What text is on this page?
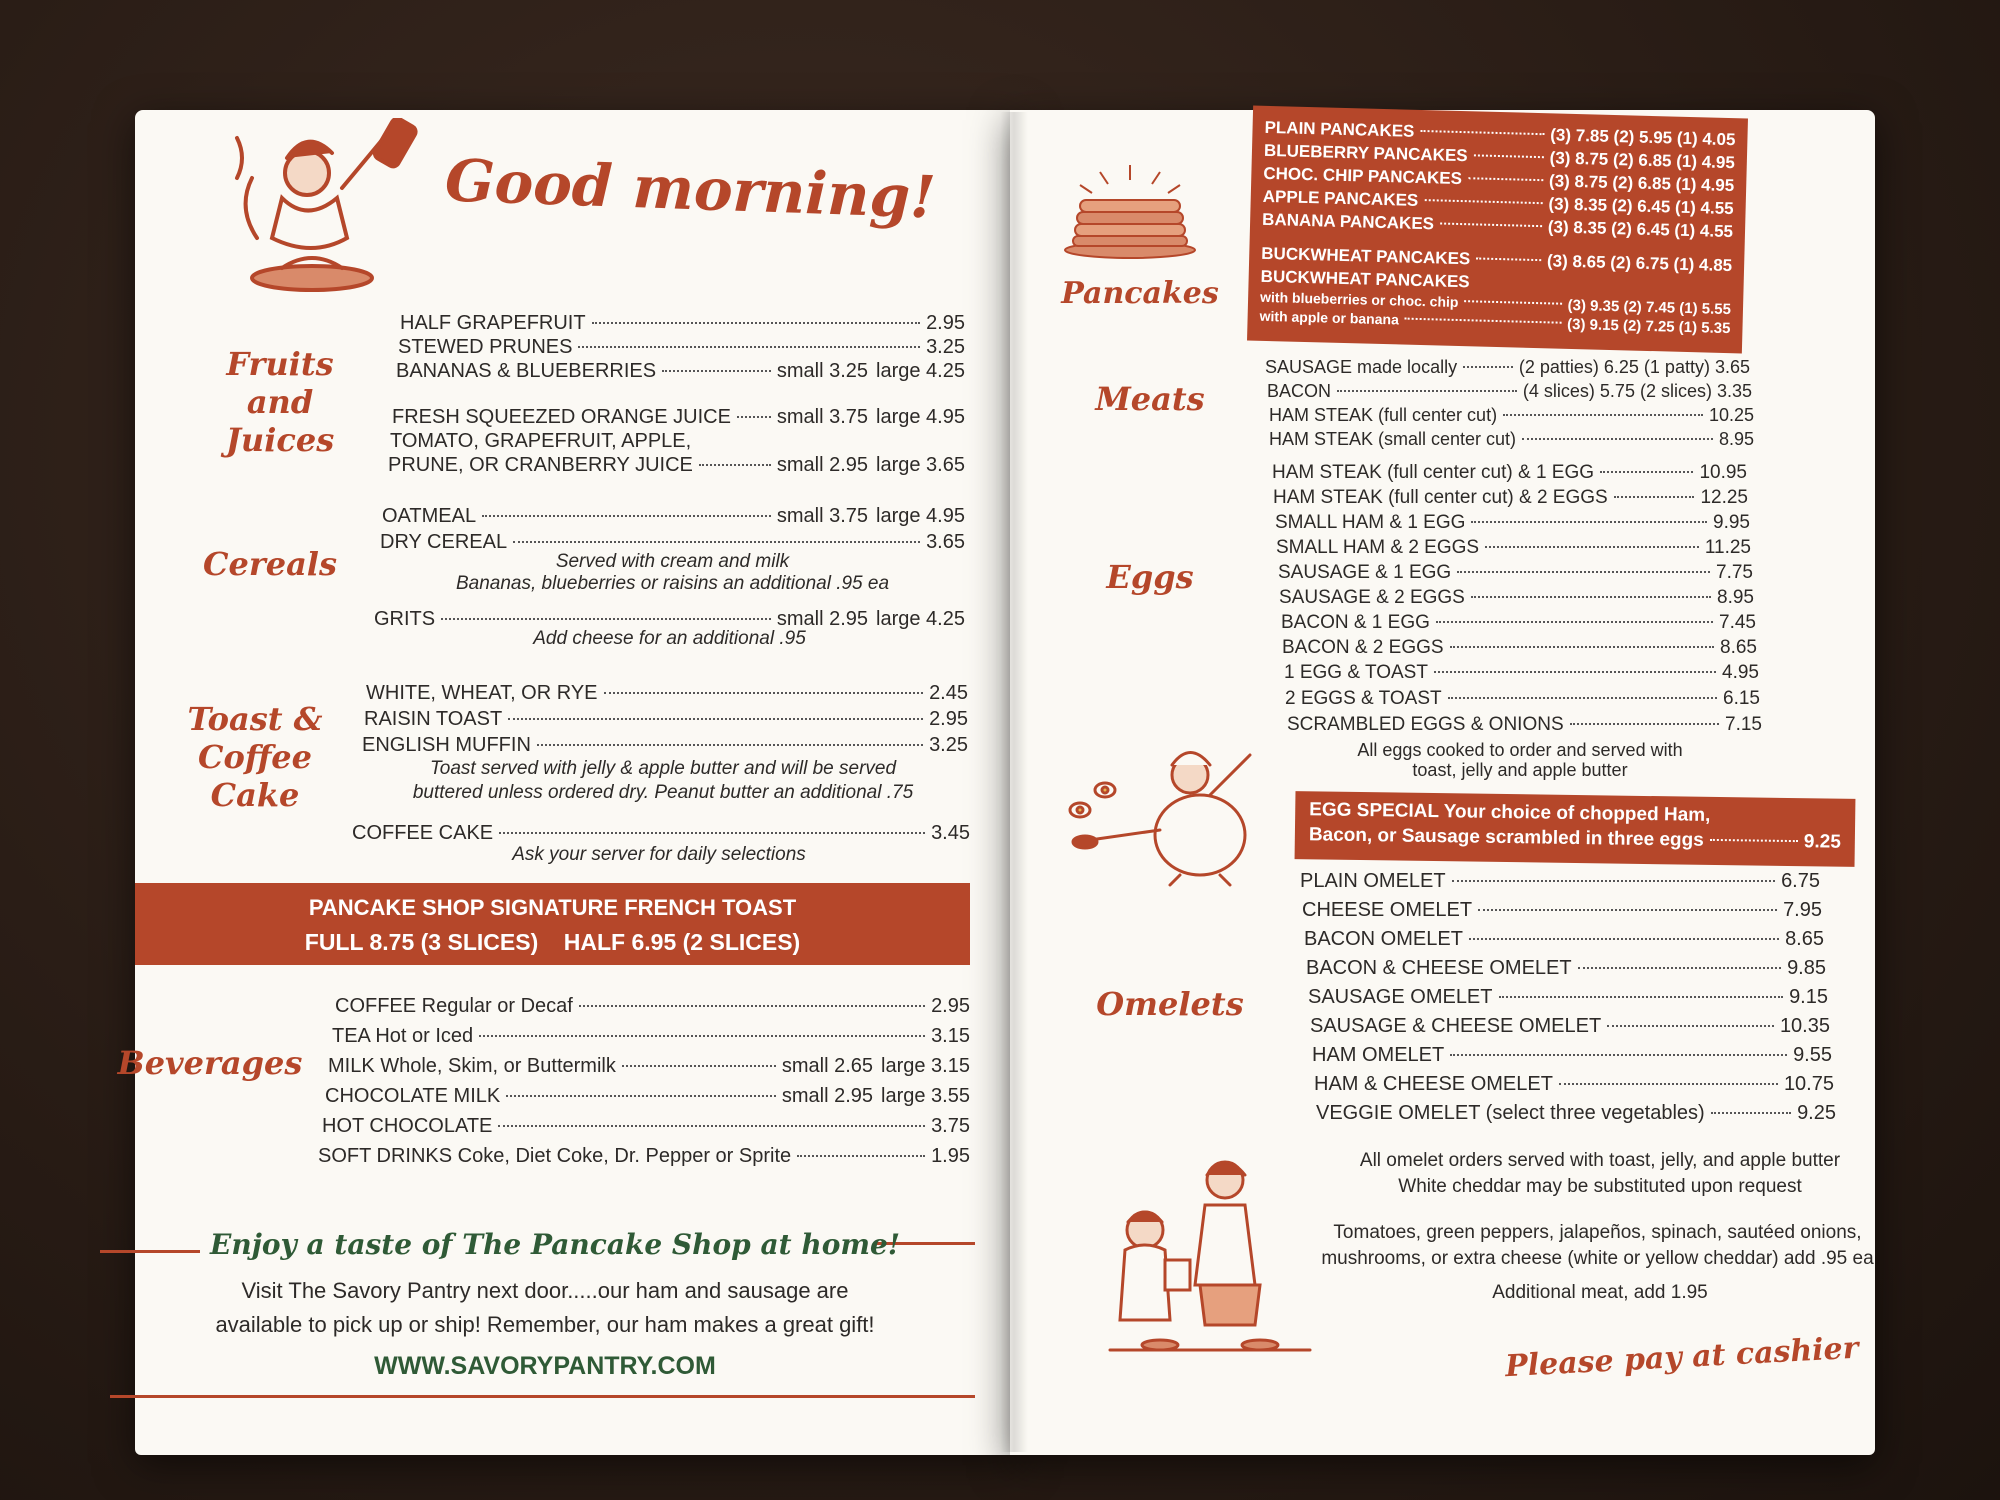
Good morning!
Fruits and Juices
HALF GRAPEFRUIT	2.95
STEWED PRUNES	3.25
BANANAS & BLUEBERRIES	small 3.25 large 4.25
FRESH SQUEEZED ORANGE JUICE small 3.75 large 4.95
TOMATO, GRAPEFRUIT, APPLE,
PRUNE, OR CRANBERRY JUICE	small 2.95 large 3.65
Cereals
OATMEAL	small 3.75 large 4.95
DRY CEREAL	3.65
Served with cream and milk
Bananas, blueberries or raisins an additional .95 ea
GRITS	small 2.95 large 4.25
Add cheese for an additional .95
Toast & Coffee Cake
WHITE, WHEAT, OR RYE	2.45
RAISIN TOAST	2.95
ENGLISH MUFFIN	3.25
Toast served with jelly & apple butter and will be served
buttered unless ordered dry. Peanut butter an additional .75
COFFEE CAKE	3.45
Ask your server for daily selections
PANCAKE SHOP SIGNATURE FRENCH TOAST
FULL 8.75 (3 SLICES)    HALF 6.95 (2 SLICES)
Beverages
COFFEE Regular or Decaf	2.95
TEA Hot or Iced	3.15
MILK Whole, Skim, or Buttermilk	small 2.65 large 3.15
CHOCOLATE MILK	small 2.95 large 3.55
HOT CHOCOLATE	3.75
SOFT DRINKS Coke, Diet Coke, Dr. Pepper or Sprite	1.95
Enjoy a taste of The Pancake Shop at home!
Visit The Savory Pantry next door.....our ham and sausage are
available to pick up or ship! Remember, our ham makes a great gift!
WWW.SAVORYPANTRY.COM
Pancakes
PLAIN PANCAKES	(3) 7.85 (2) 5.95 (1) 4.05
BLUEBERRY PANCAKES	(3) 8.75 (2) 6.85 (1) 4.95
CHOC. CHIP PANCAKES	(3) 8.75 (2) 6.85 (1) 4.95
APPLE PANCAKES	(3) 8.35 (2) 6.45 (1) 4.55
BANANA PANCAKES	(3) 8.35 (2) 6.45 (1) 4.55
BUCKWHEAT PANCAKES	(3) 8.65 (2) 6.75 (1) 4.85
BUCKWHEAT PANCAKES
with blueberries or choc. chip	(3) 9.35 (2) 7.45 (1) 5.55
with apple or banana	(3) 9.15 (2) 7.25 (1) 5.35
Meats
SAUSAGE made locally	(2 patties) 6.25 (1 patty) 3.65
BACON	(4 slices) 5.75 (2 slices) 3.35
HAM STEAK (full center cut)	10.25
HAM STEAK (small center cut)	8.95
Eggs
HAM STEAK (full center cut) & 1 EGG	10.95
HAM STEAK (full center cut) & 2 EGGS	12.25
SMALL HAM & 1 EGG	9.95
SMALL HAM & 2 EGGS	11.25
SAUSAGE & 1 EGG	7.75
SAUSAGE & 2 EGGS	8.95
BACON & 1 EGG	7.45
BACON & 2 EGGS	8.65
1 EGG & TOAST	4.95
2 EGGS & TOAST	6.15
SCRAMBLED EGGS & ONIONS	7.15
All eggs cooked to order and served with
toast, jelly and apple butter
EGG SPECIAL Your choice of chopped Ham,
Bacon, or Sausage scrambled in three eggs	9.25
Omelets
PLAIN OMELET	6.75
CHEESE OMELET	7.95
BACON OMELET	8.65
BACON & CHEESE OMELET	9.85
SAUSAGE OMELET	9.15
SAUSAGE & CHEESE OMELET	10.35
HAM OMELET	9.55
HAM & CHEESE OMELET	10.75
VEGGIE OMELET (select three vegetables)	9.25
All omelet orders served with toast, jelly, and apple butter
White cheddar may be substituted upon request
Tomatoes, green peppers, jalapeños, spinach, sautéed onions,
mushrooms, or extra cheese (white or yellow cheddar) add .95 ea
Additional meat, add 1.95
Please pay at cashier
